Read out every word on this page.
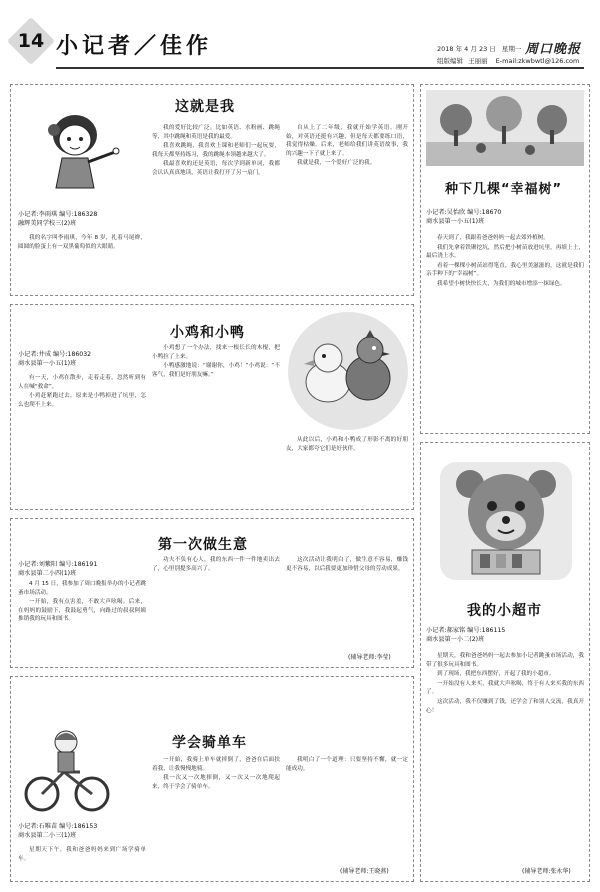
14 小记者／佳作	2018 年 4 月 23 日 星期一 周口晚报
组版编辑 王丽丽 E-mail:zkwbwtl@126.com
这就是我
小记者:李雨琪 编号:186328
融辉美同学校三(2)班

我的名字叫李雨琪，今年 8 岁，扎着马尾辫，圆圆的脸蛋上有一双黑葡萄似的大眼睛。

我的爱好比较广泛。比如英语、水粉画、跳绳等，其中跳绳和英语是我的最爱。

我喜欢跳绳，我喜欢上课和老师们一起玩耍，我每天都坚持练习，我的跳绳本领越来越大了。

我最喜欢的还是英语，每次学到新单词，我都会认认真真地读，英语让我打开了另一扇门。

自从上了二年级，我就开始学英语。刚开始，对英语还挺有兴趣，但是每天都要练口语，我觉得枯燥。后来，老师给我们讲英语故事，我的兴趣一下子就上来了。

我就是我，一个爱好广泛的我。

种下几棵“幸福树”
小记者:吴怡欣 编号:18670
商水县第一小五(1)班

春天到了，我跟着爸爸妈妈一起去郊外植树。

我们先拿着铁锹挖坑，然后把小树苗放进坑里，再填上土，最后浇上水。

看着一棵棵小树苗站得笔直，我心里美滋滋的，这就是我们亲手种下的“幸福树”。

我希望小树快快长大，为我们的城市增添一抹绿色。

小鸡和小鸭
小记者:井成 编号:186032
商水县第一小五(1)班

有一天，小鸡在散步，走着走着，忽然听到有人在喊“救命”。

小鸡赶紧跑过去，原来是小鸭掉进了坑里，怎么也爬不上来。

小鸡想了一个办法，找来一根长长的木棍，把小鸭拉了上来。

小鸭感激地说：“谢谢你，小鸡！”小鸡说：“不客气，我们是好朋友嘛。”

从此以后，小鸡和小鸭成了形影不离的好朋友，大家都夸它们是好伙伴。

第一次做生意
小记者:刘紫阳 编号:186191
商水县第二小四(1)班

4 月 15 日，我参加了周口晚报举办的小记者跳蚤市场活动。

一开始，我有点害羞，不敢大声吆喝。后来，在妈妈的鼓励下，我鼓起勇气，向路过的叔叔阿姨推销我的玩具和图书。

功夫不负有心人，我的东西一件一件地卖出去了，心里别提多高兴了。

这次活动让我明白了，做生意不容易，赚钱更不容易，以后我要更加珍惜父母的劳动成果。

(辅导老师:李莹)
我的小超市
小记者:郝家铭 编号:186115
商水县第一小二(2)班

星期天，我和爸爸妈妈一起去参加小记者跳蚤市场活动，我带了很多玩具和图书。

到了现场，我把东西摆好，开起了我的小超市。

一开始没有人来买，我就大声吆喝，终于有人来买我的东西了。

这次活动，我不仅赚到了钱，还学会了和别人交流，我真开心！

(辅导老师:张永华)
学会骑单车
小记者:石唯苗 编号:186153
商水县第二小三(1)班

星期天下午，我和爸爸妈妈来到广场学骑单车。

一开始，我骑上单车就摔倒了，爸爸在后面扶着我，让我慢慢地骑。

我一次又一次地摔倒，又一次又一次地爬起来，终于学会了骑单车。

我明白了一个道理：只要坚持不懈，就一定能成功。

(辅导老师:王晓燕)
